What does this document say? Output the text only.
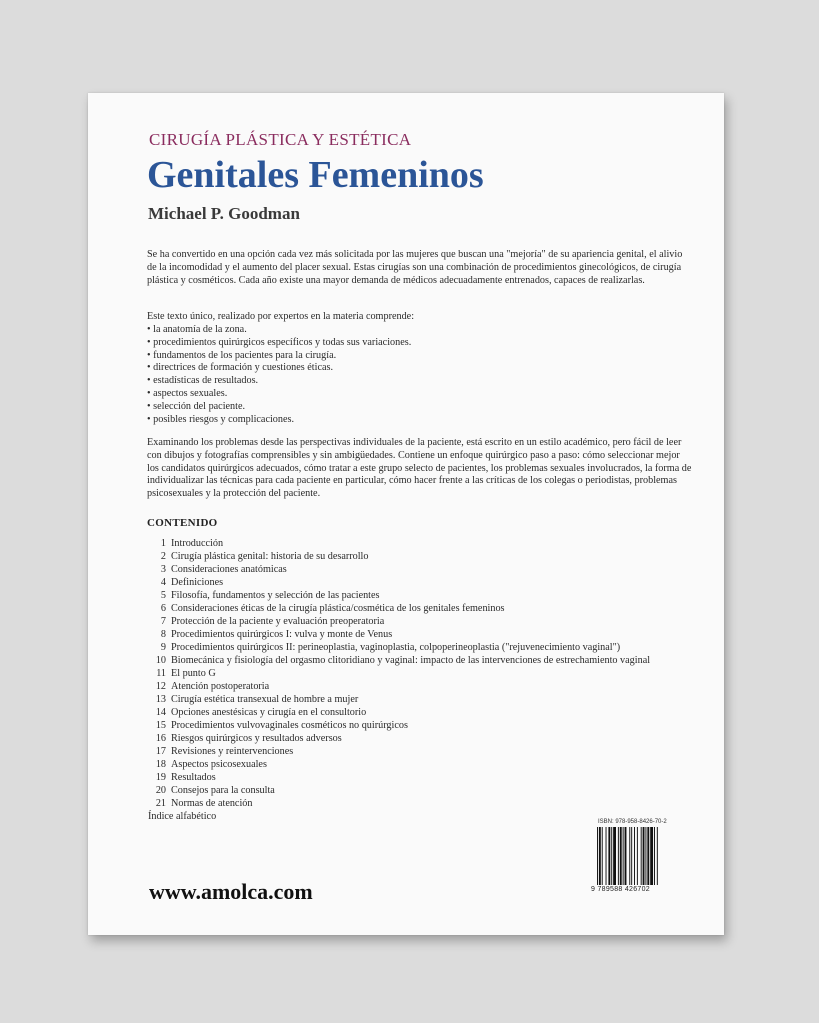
CIRUGÍA PLÁSTICA Y ESTÉTICA
Genitales Femeninos
Michael P. Goodman
Se ha convertido en una opción cada vez más solicitada por las mujeres que buscan una "mejoría" de su apariencia genital, el alivio de la incomodidad y el aumento del placer sexual. Estas cirugías son una combinación de procedimientos ginecológicos, de cirugía plástica y cosméticos. Cada año existe una mayor demanda de médicos adecuadamente entrenados, capaces de realizarlas.
Este texto único, realizado por expertos en la materia comprende:
• la anatomía de la zona.
• procedimientos quirúrgicos específicos y todas sus variaciones.
• fundamentos de los pacientes para la cirugía.
• directrices de formación y cuestiones éticas.
• estadísticas de resultados.
• aspectos sexuales.
• selección del paciente.
• posibles riesgos y complicaciones.
Examinando los problemas desde las perspectivas individuales de la paciente, está escrito en un estilo académico, pero fácil de leer con dibujos y fotografías comprensibles y sin ambigüedades. Contiene un enfoque quirúrgico paso a paso: cómo seleccionar mejor los candidatos quirúrgicos adecuados, cómo tratar a este grupo selecto de pacientes, los problemas sexuales involucrados, la forma de individualizar las técnicas para cada paciente en particular, cómo hacer frente a las críticas de los colegas o periodistas, problemas psicosexuales y la protección del paciente.
CONTENIDO
1 Introducción
2 Cirugía plástica genital: historia de su desarrollo
3 Consideraciones anatómicas
4 Definiciones
5 Filosofía, fundamentos y selección de las pacientes
6 Consideraciones éticas de la cirugía plástica/cosmética de los genitales femeninos
7 Protección de la paciente y evaluación preoperatoria
8 Procedimientos quirúrgicos I: vulva y monte de Venus
9 Procedimientos quirúrgicos II: perineoplastia, vaginoplastia, colpoperineoplastia ("rejuvenecimiento vaginal")
10 Biomecánica y fisiología del orgasmo clitoridiano y vaginal: impacto de las intervenciones de estrechamiento vaginal
11 El punto G
12 Atención postoperatoria
13 Cirugía estética transexual de hombre a mujer
14 Opciones anestésicas y cirugía en el consultorio
15 Procedimientos vulvovaginales cosméticos no quirúrgicos
16 Riesgos quirúrgicos y resultados adversos
17 Revisiones y reintervenciones
18 Aspectos psicosexuales
19 Resultados
20 Consejos para la consulta
21 Normas de atención
Índice alfabético	ISBN: 978-958-8426-70-2
9 789588 426702
www.amolca.com
